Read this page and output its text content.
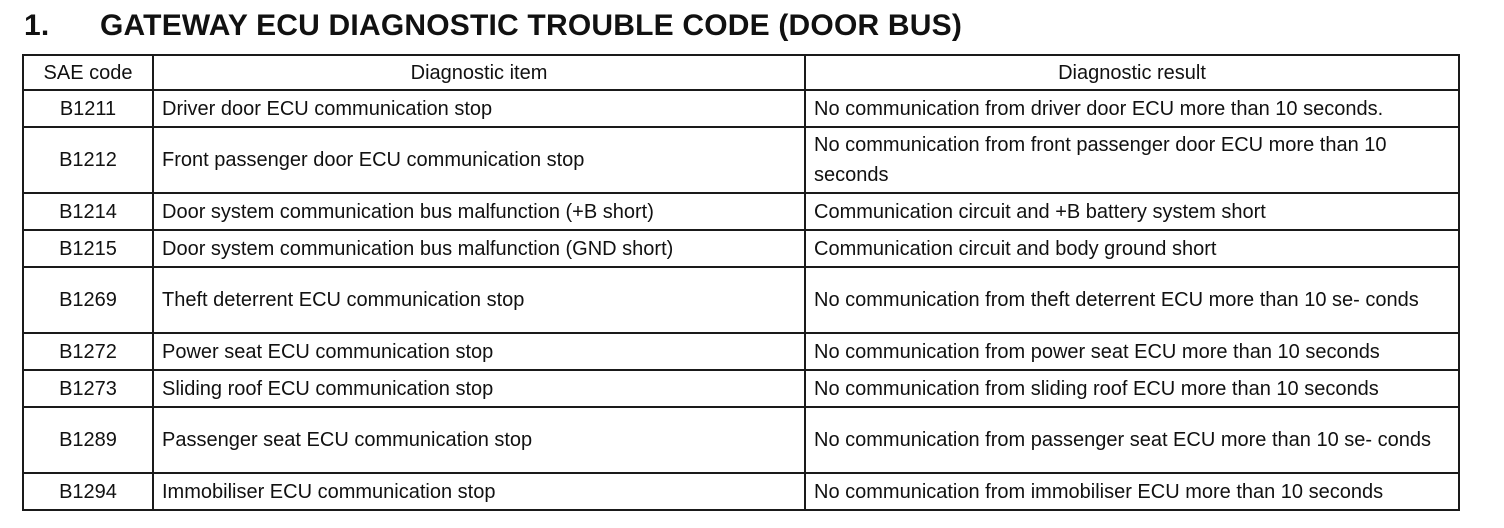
1.	GATEWAY ECU DIAGNOSTIC TROUBLE CODE (DOOR BUS)
SAE code	Diagnostic item	Diagnostic result
B1211	Driver door ECU communication stop	No communication from driver door ECU more than 10 seconds.
B1212	Front passenger door ECU communication stop	No communication from front passenger door ECU more than 10 seconds
B1214	Door system communication bus malfunction (+B short)	Communication circuit and +B battery system short
B1215	Door system communication bus malfunction (GND short)	Communication circuit and body ground short
B1269	Theft deterrent ECU communication stop	No communication from theft deterrent ECU more than 10 se- conds
B1272	Power seat ECU communication stop	No communication from power seat ECU more than 10 seconds
B1273	Sliding roof ECU communication stop	No communication from sliding roof ECU more than 10 seconds
B1289	Passenger seat ECU communication stop	No communication from passenger seat ECU more than 10 se- conds
B1294	Immobiliser ECU communication stop	No communication from immobiliser ECU more than 10 seconds
